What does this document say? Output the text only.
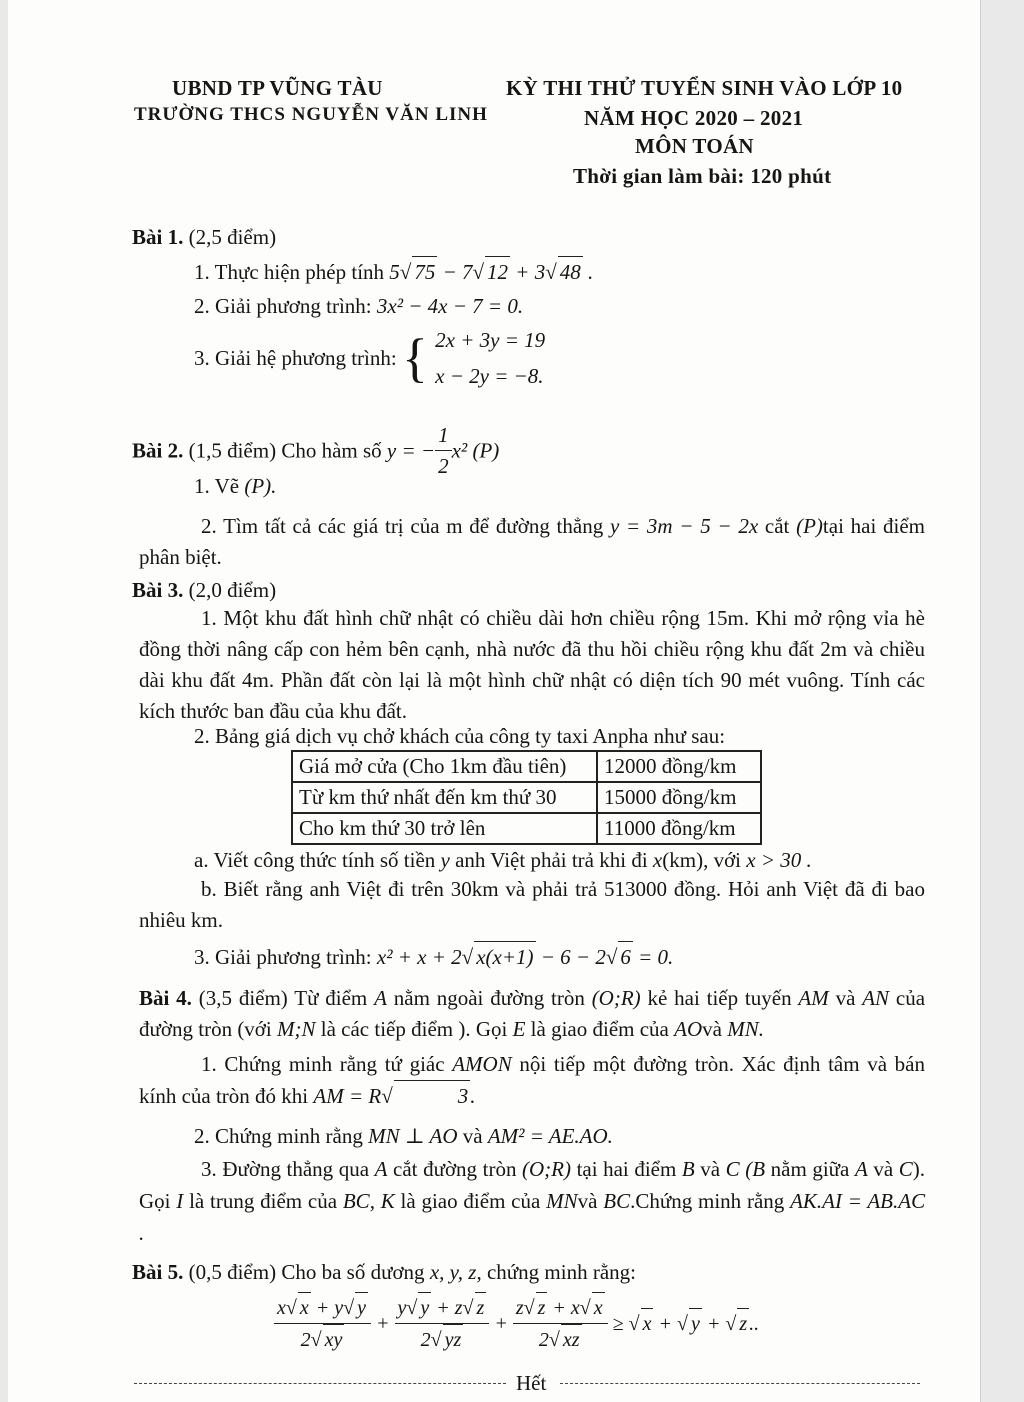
UBND TP VŨNG TÀU
TRƯỜNG THCS NGUYỄN VĂN LINH
KỲ THI THỬ TUYỂN SINH VÀO LỚP 10
NĂM HỌC 2020 – 2021
MÔN TOÁN
Thời gian làm bài: 120 phút
Bài 1. (2,5 điểm)
1. Thực hiện phép tính 5√ 75 − 7√ 12 + 3√ 48 .
2. Giải phương trình: 3x² − 4x − 7 = 0.
3. Giải hệ phương trình: { 2x + 3y = 19
x − 2y = −8.
Bài 2. (1,5 điểm) Cho hàm số y = − $\frac{1}{2} x^2$ (P)
1. Vẽ (P).
2. Tìm tất cả các giá trị của m để đường thẳng y = 3m − 5 − 2x cắt (P)tại hai điểm phân biệt.
Bài 3. (2,0 điểm)
1. Một khu đất hình chữ nhật có chiều dài hơn chiều rộng 15m. Khi mở rộng vỉa hè đồng thời nâng cấp con hẻm bên cạnh, nhà nước đã thu hồi chiều rộng khu đất 2m và chiều dài khu đất 4m. Phần đất còn lại là một hình chữ nhật có diện tích 90 mét vuông. Tính các kích thước ban đầu của khu đất.
2. Bảng giá dịch vụ chở khách của công ty taxi Anpha như sau:
Giá mở cửa (Cho 1km đầu tiên)	12000 đồng/km
Từ km thứ nhất đến km thứ 30	15000 đồng/km
Cho km thứ 30 trở lên	11000 đồng/km
a. Viết công thức tính số tiền y anh Việt phải trả khi đi x(km), với x > 30 .
b. Biết rằng anh Việt đi trên 30km và phải trả 513000 đồng. Hỏi anh Việt đã đi bao nhiêu km.
3. Giải phương trình: x² + x + 2√ x(x+1) − 6 − 2√ 6 = 0.
Bài 4. (3,5 điểm) Từ điểm A nằm ngoài đường tròn (O;R) kẻ hai tiếp tuyến AM và AN của đường tròn (với M;N là các tiếp điểm ). Gọi E là giao điểm của AOvà MN.
1. Chứng minh rằng tứ giác AMON nội tiếp một đường tròn. Xác định tâm và bán kính của tròn đó khi AM = R√	3.
2. Chứng minh rằng MN ⊥ AO và AM² = AE.AO.
3. Đường thẳng qua A cắt đường tròn (O;R) tại hai điểm B và C (B nằm giữa A và C). Gọi I là trung điểm của BC, K là giao điểm của MNvà BC.Chứng minh rằng AK.AI = AB.AC .
Bài 5. (0,5 điểm) Cho ba số dương x, y, z, chứng minh rằng:
$\frac{x√ x + y√ y}{2√ xy} + \frac{y√ y + z√ z}{2√ yz} + \frac{z√ z + x√ x}{2√ xz}$ ≥ √ x + √ y + √ z ..
Hết
